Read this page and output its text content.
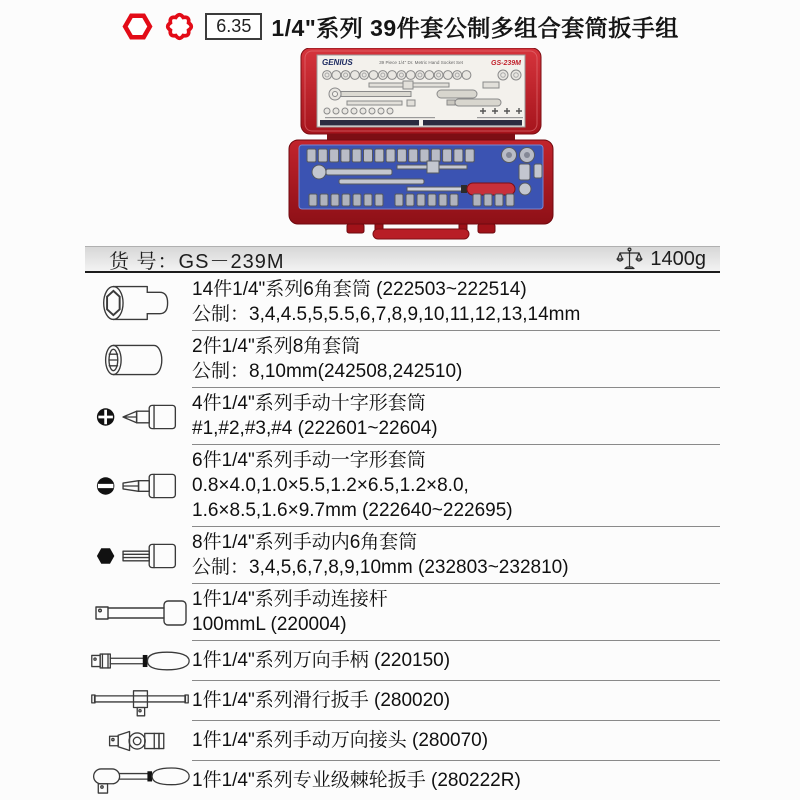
6.35 1/4"系列 39件套公制多组合套筒扳手组
GENIUS	39 Piece 1/4" Dr. Metric Hand Socket Set	GS-239M
货 号：GS－239M	1400g
14件1/4"系列6角套筒 (222503~222514)
公制：3,4,4.5,5,5.5,6,7,8,9,10,11,12,13,14mm
2件1/4"系列8角套筒
公制：8,10mm(242508,242510)
4件1/4"系列手动十字形套筒
#1,#2,#3,#4 (222601~22604)
6件1/4"系列手动一字形套筒
0.8×4.0,1.0×5.5,1.2×6.5,1.2×8.0,
1.6×8.5,1.6×9.7mm (222640~222695)
8件1/4"系列手动内6角套筒
公制：3,4,5,6,7,8,9,10mm (232803~232810)
1件1/4"系列手动连接杆
100mmL (220004)
1件1/4"系列万向手柄 (220150)
1件1/4"系列滑行扳手 (280020)
1件1/4"系列手动万向接头 (280070)
1件1/4"系列专业级棘轮扳手 (280222R)
